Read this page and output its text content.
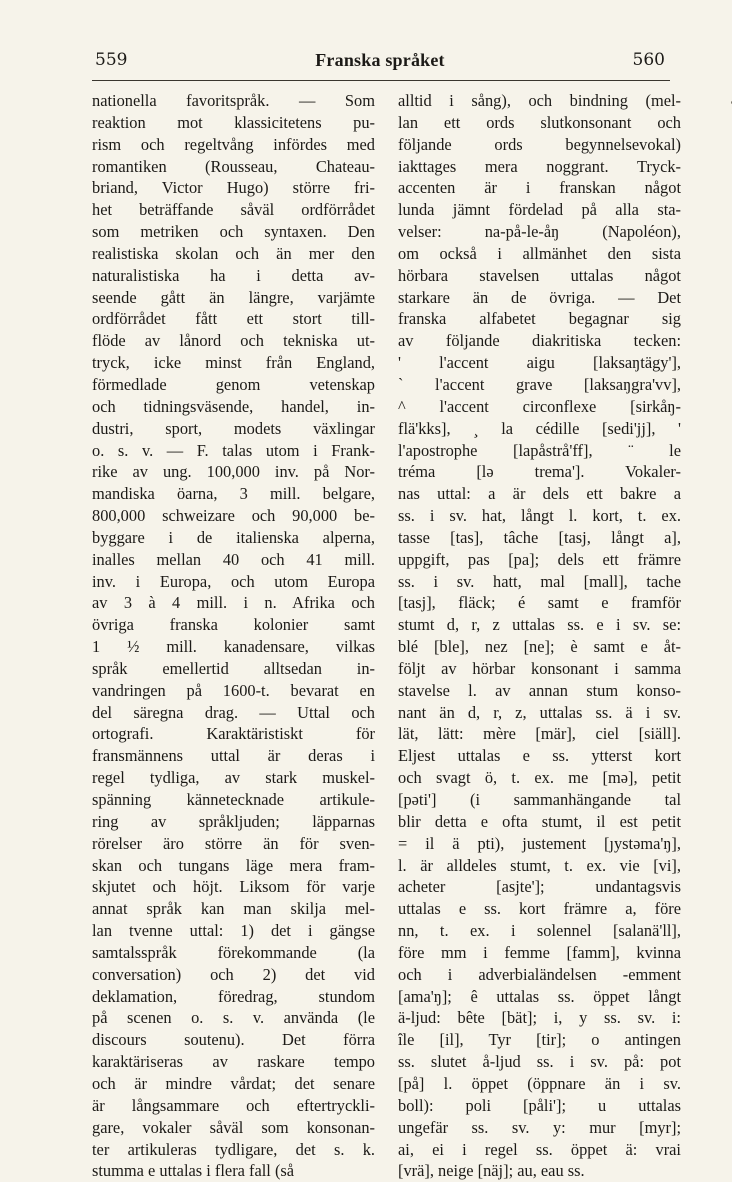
559	Franska språket	560
nationella favoritspråk. — Som
reaktion mot klassicitetens pu-
rism och regeltvång infördes med
romantiken (Rousseau, Chateau-
briand, Victor Hugo) större fri-
het beträffande såväl ordförrådet
som metriken och syntaxen. Den
realistiska skolan och än mer den
naturalistiska ha i detta av-
seende gått än längre, varjämte
ordförrådet fått ett stort till-
flöde av lånord och tekniska ut-
tryck, icke minst från England,
förmedlade genom vetenskap
och tidningsväsende, handel, in-
dustri, sport, modets växlingar
o. s. v. — F. talas utom i Frank-
rike av ung. 100,000 inv. på Nor-
mandiska öarna, 3 mill. belgare,
800,000 schweizare och 90,000 be-
byggare i de italienska alperna,
inalles mellan 40 och 41 mill.
inv. i Europa, och utom Europa
av 3 à 4 mill. i n. Afrika och
övriga franska kolonier samt
1 ½ mill. kanadensare, vilkas
språk emellertid alltsedan in-
vandringen på 1600-t. bevarat en
del säregna drag. — Uttal och
ortografi. Karaktäristiskt för
fransmännens uttal är deras i
regel tydliga, av stark muskel-
spänning kännetecknade artikule-
ring av språkljuden; läpparnas
rörelser äro större än för sven-
skan och tungans läge mera fram-
skjutet och höjt. Liksom för varje
annat språk kan man skilja mel-
lan tvenne uttal: 1) det i gängse
samtalsspråk förekommande (la
conversation) och 2) det vid
deklamation, föredrag, stundom
på scenen o. s. v. använda (le
discours soutenu). Det förra
karaktäriseras av raskare tempo
och är mindre vårdat; det senare
är långsammare och eftertryckli-
gare, vokaler såväl som konsonan-
ter artikuleras tydligare, det s. k.
stumma e uttalas i flera fall (så
alltid i sång), och bindning (mel-
lan ett ords slutkonsonant och
följande ords begynnelsevokal)
iakttages mera noggrant. Tryck-
accenten är i franskan något
lunda jämnt fördelad på alla sta-
velser: na-på-le-åŋ (Napoléon),
om också i allmänhet den sista
hörbara stavelsen uttalas något
starkare än de övriga. — Det
franska alfabetet begagnar sig
av följande diakritiska tecken:
' l'accent aigu [laksaŋtägy'],
` l'accent grave [laksaŋgra'vv],
^ l'accent circonflexe [sirkåŋ-
flä'kks], ¸ la cédille [sedi'jj], '
l'apostrophe [lapåstrå'ff], ¨ le
tréma [lə trema']. Vokaler-
nas uttal: a är dels ett bakre a
ss. i sv. hat, långt l. kort, t. ex.
tasse [tas], tâche [tasj, långt a],
uppgift, pas [pa]; dels ett främre
ss. i sv. hatt, mal [mall], tache
[tasj], fläck; é samt e framför
stumt d, r, z uttalas ss. e i sv. se:
blé [ble], nez [ne]; è samt e åt-
följt av hörbar konsonant i samma
stavelse l. av annan stum konso-
nant än d, r, z, uttalas ss. ä i sv.
lät, lätt: mère [mär], ciel [siäll].
Eljest uttalas e ss. ytterst kort
och svagt ö, t. ex. me [mə], petit
[pəti'] (i sammanhängande tal
blir detta e ofta stumt, il est petit
= il ä pti), justement [ȷystəma'ŋ],
l. är alldeles stumt, t. ex. vie [vi],
acheter [asjte']; undantagsvis
uttalas e ss. kort främre a, före
nn, t. ex. i solennel [salanä'll],
före mm i femme [famm], kvinna
och i adverbialändelsen -emment
[ama'ŋ]; ê uttalas ss. öppet långt
ä-ljud: bête [bät]; i, y ss. sv. i:
île [il], Tyr [tir]; o antingen
ss. slutet å-ljud ss. i sv. på: pot
[på] l. öppet (öppnare än i sv.
boll): poli [påli']; u uttalas
ungefär ss. sv. y: mur [myr];
ai, ei i regel ss. öppet ä: vrai
[vrä], neige [näj]; au, eau ss.
